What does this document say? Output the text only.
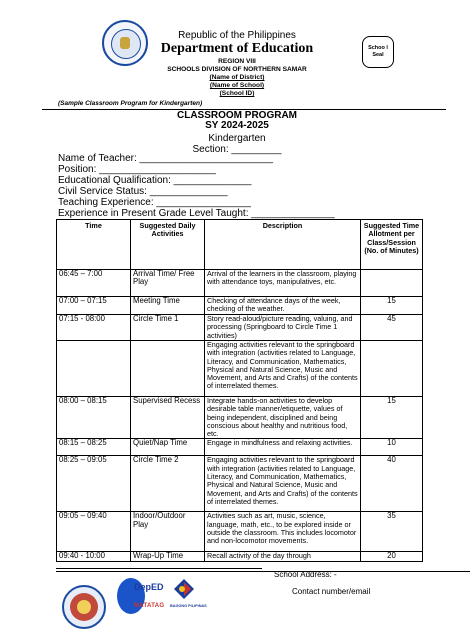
Republic of the Philippines
Department of Education
REGION VIII
SCHOOLS DIVISION OF NORTHERN SAMAR
(Name of District)
(Name of School)
(School ID)
Schoo l Seal
(Sample Classroom Program for Kindergarten)
CLASSROOM PROGRAM
SY 2024-2025
Kindergarten
Section: _________
Name of Teacher: ________________________
Position: _____________________
Educational Qualification: ______________
Civil Service Status: ______________
Teaching Experience: _________________
Experience in Present Grade Level Taught: _______________
Time	Suggested Daily Activities	Description	Suggested Time Allotment per Class/Session (No. of Minutes)
06:45 – 7:00	Arrival Time/ Free Play	Arrival of the learners in the classroom, playing with attendance toys, manipulatives, etc.	
07:00 – 07:15	Meeting Time	Checking of attendance days of the week, checking of the weather.	15
07:15 - 08:00	Circle Time 1	Story read-aloud/picture reading, valuing, and processing (Springboard to Circle Time 1 activities)	45
		Engaging activities relevant to the springboard with integration (activities related to Language, Literacy, and Communication, Mathematics, Physical and Natural Science, Music and Movement, and Arts and Crafts) of the contents of interrelated themes.	
08:00 – 08:15	Supervised Recess	Integrate hands-on activities to develop desirable table manner/etiquette, values of being independent, disciplined and being conscious about healthy and nutritious food, etc.	15
08:15 – 08:25	Quiet/Nap Time	Engage in mindfulness and relaxing activities.	10
08:25 – 09:05	Circle Time 2	Engaging activities relevant to the springboard with integration (activities related to Language, Literacy, and Communication, Mathematics, Physical and Natural Science, Music and Movement, and Arts and Crafts) of the contents of interrelated themes.	40
09:05 – 09:40	Indoor/Outdoor Play	Activities such as art, music, science, language, math, etc., to be explored inside or outside the classroom. This includes locomotor and non-locomotor movements.	35
09:40 - 10:00	Wrap-Up Time	Recall activity of the day through	20
DepED
MATATAG BAGONG PILIPINAS
School Address: -
Contact number/email
